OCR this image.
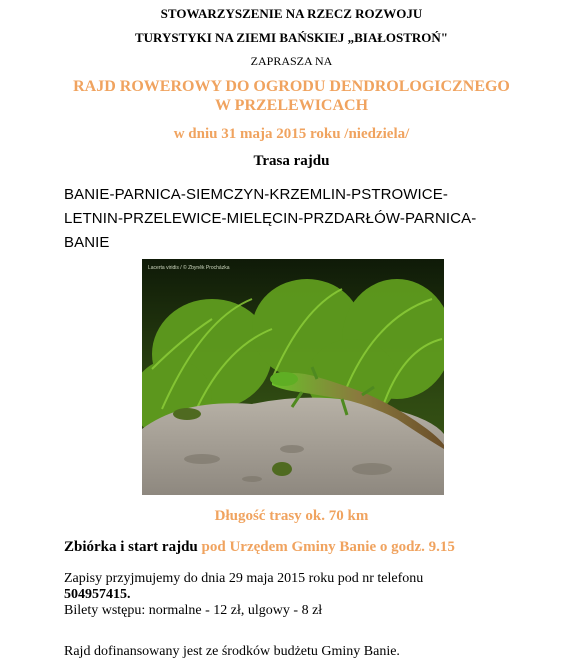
STOWARZYSZENIE NA RZECZ ROZWOJU
TURYSTYKI NA ZIEMI BAŃSKIEJ „BIAŁOSTROŃ"
ZAPRASZA NA
RAJD ROWEROWY DO OGRODU DENDROLOGICZNEGO
W PRZELEWICACH
w dniu 31 maja 2015 roku /niedziela/
Trasa rajdu
BANIE-PARNICA-SIEMCZYN-KRZEMLIN-PSTROWICE-
LETNIN-PRZELEWICE-MIELĘCIN-PRZDARŁÓW-PARNICA-
BANIE
Lacerta viridis / © Zbyněk Procházka
Długość trasy ok. 70 km
Zbiórka i start rajdu pod Urzędem Gminy Banie o godz. 9.15
Zapisy przyjmujemy do dnia 29 maja 2015 roku pod nr telefonu
504957415.
Bilety wstępu: normalne - 12 zł, ulgowy - 8 zł
Rajd dofinansowany jest ze środków budżetu Gminy Banie.
